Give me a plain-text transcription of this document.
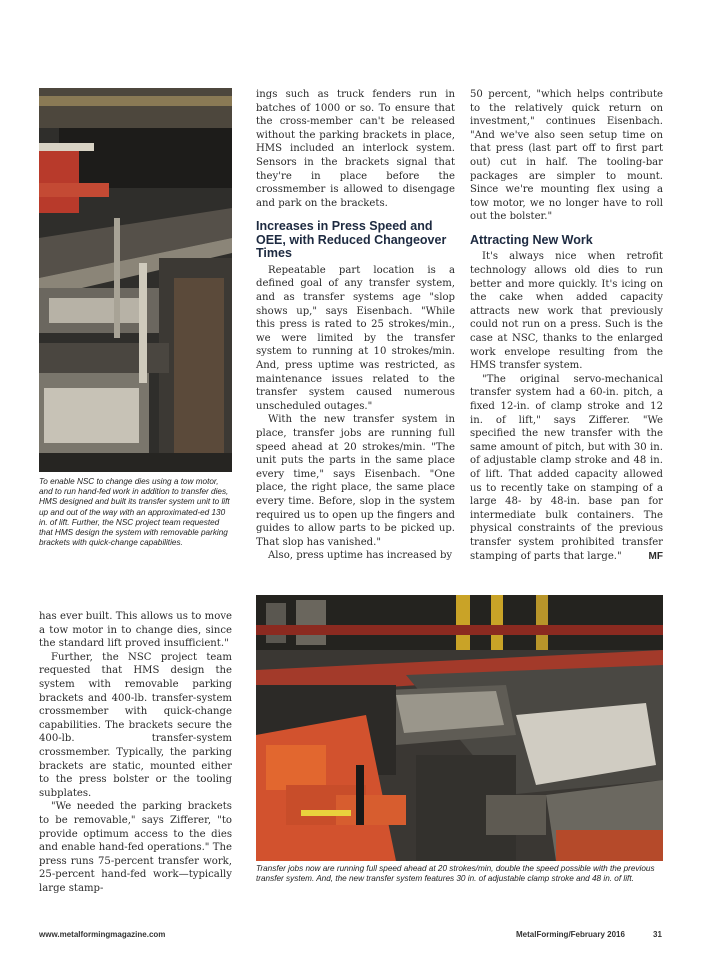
To enable NSC to change dies using a tow motor, and to run hand-fed work in addition to transfer dies, HMS designed and built its transfer system unit to lift up and out of the way with an approximated-ed 130 in. of lift. Further, the NSC project team requested that HMS design the system with removable parking brackets with quick-change capabilities.

has ever built. This allows us to move a tow motor in to change dies, since the standard lift proved insufficient."

Further, the NSC project team requested that HMS design the system with removable parking brackets and 400-lb. transfer-system crossmember with quick-change capabilities. The brackets secure the 400-lb. transfer-system crossmember. Typically, the parking brackets are static, mounted either to the press bolster or the tooling subplates.

"We needed the parking brackets to be removable," says Zifferer, "to provide optimum access to the dies and enable hand-fed operations." The press runs 75-percent transfer work, 25-percent hand-fed work—typically large stamp-

ings such as truck fenders run in batches of 1000 or so. To ensure that the cross-member can't be released without the parking brackets in place, HMS included an interlock system. Sensors in the brackets signal that they're in place before the crossmember is allowed to disengage and park on the brackets.

Increases in Press Speed and OEE, with Reduced Changeover Times

Repeatable part location is a defined goal of any transfer system, and as transfer systems age "slop shows up," says Eisenbach. "While this press is rated to 25 strokes/min., we were limited by the transfer system to running at 10 strokes/min. And, press uptime was restricted, as maintenance issues related to the transfer system caused numerous unscheduled outages."

With the new transfer system in place, transfer jobs are running full speed ahead at 20 strokes/min. "The unit puts the parts in the same place every time," says Eisenbach. "One place, the right place, the same place every time. Before, slop in the system required us to open up the fingers and guides to allow parts to be picked up. That slop has vanished."

Also, press uptime has increased by

50 percent, "which helps contribute to the relatively quick return on investment," continues Eisenbach. "And we've also seen setup time on that press (last part off to first part out) cut in half. The tooling-bar packages are simpler to mount. Since we're mounting flex using a tow motor, we no longer have to roll out the bolster."

Attracting New Work

It's always nice when retrofit technology allows old dies to run better and more quickly. It's icing on the cake when added capacity attracts new work that previously could not run on a press. Such is the case at NSC, thanks to the enlarged work envelope resulting from the HMS transfer system.

"The original servo-mechanical transfer system had a 60-in. pitch, a fixed 12-in. of clamp stroke and 12 in. of lift," says Zifferer. "We specified the new transfer with the same amount of pitch, but with 30 in. of adjustable clamp stroke and 48 in. of lift. That added capacity allowed us to recently take on stamping of a large 48- by 48-in. base pan for intermediate bulk containers. The physical constraints of the previous transfer system prohibited transfer stamping of parts that large."	MF

Transfer jobs now are running full speed ahead at 20 strokes/min, double the speed possible with the previous transfer system. And, the new transfer system features 30 in. of adjustable clamp stroke and 48 in. of lift.

www.metalformingmagazine.com	MetalForming/February 2016	31
